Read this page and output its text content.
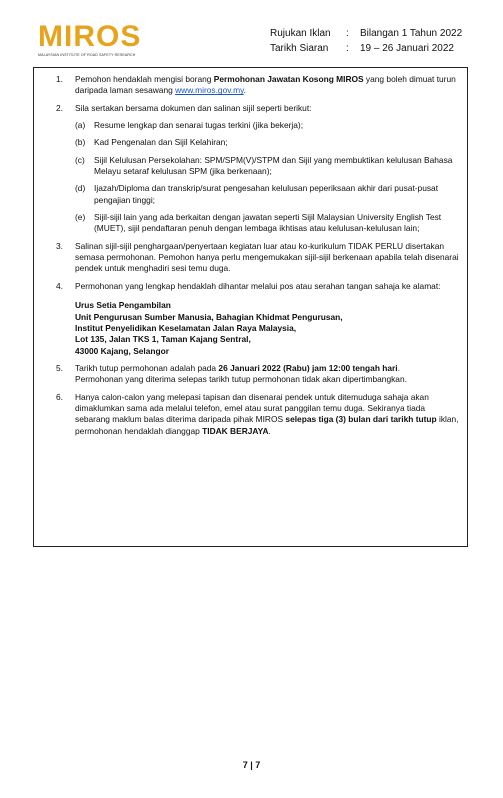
MIROS
MALAYSIAN INSTITUTE OF ROAD SAFETY RESEARCH
Rujukan Iklan	:	Bilangan 1 Tahun 2022
Tarikh Siaran	:	19 – 26 Januari 2022
1.	Pemohon hendaklah mengisi borang Permohonan Jawatan Kosong MIROS yang boleh dimuat turun daripada laman sesawang www.miros.gov.my.

2.	Sila sertakan bersama dokumen dan salinan sijil seperti berikut:

(a)	Resume lengkap dan senarai tugas terkini (jika bekerja);
(b)	Kad Pengenalan dan Sijil Kelahiran;
(c)	Sijil Kelulusan Persekolahan: SPM/SPM(V)/STPM dan Sijil yang membuktikan kelulusan Bahasa Melayu setaraf kelulusan SPM (jika berkenaan);
(d)	Ijazah/Diploma dan transkrip/surat pengesahan kelulusan peperiksaan akhir dari pusat-pusat pengajian tinggi;
(e)	Sijil-sijil lain yang ada berkaitan dengan jawatan seperti Sijil Malaysian University English Test (MUET), sijil pendaftaran penuh dengan lembaga ikhtisas atau kelulusan-kelulusan lain;
3.	Salinan sijil-sijil penghargaan/penyertaan kegiatan luar atau ko-kurikulum TIDAK PERLU disertakan semasa permohonan. Pemohon hanya perlu mengemukakan sijil-sijil berkenaan apabila telah disenarai pendek untuk menghadiri sesi temu duga.

4.	Permohonan yang lengkap hendaklah dihantar melalui pos atau serahan tangan sahaja ke alamat:

Urus Setia Pengambilan
Unit Pengurusan Sumber Manusia, Bahagian Khidmat Pengurusan,
Institut Penyelidikan Keselamatan Jalan Raya Malaysia,
Lot 135, Jalan TKS 1, Taman Kajang Sentral,
43000 Kajang, Selangor
5.	Tarikh tutup permohonan adalah pada 26 Januari 2022 (Rabu) jam 12:00 tengah hari.

Permohonan yang diterima selepas tarikh tutup permohonan tidak akan dipertimbangkan.

6.	Hanya calon-calon yang melepasi tapisan dan disenarai pendek untuk ditemuduga sahaja akan dimaklumkan sama ada melalui telefon, emel atau surat panggilan temu duga. Sekiranya tiada sebarang maklum balas diterima daripada pihak MIROS selepas tiga (3) bulan dari tarikh tutup iklan, permohonan hendaklah dianggap TIDAK BERJAYA.

7 | 7
